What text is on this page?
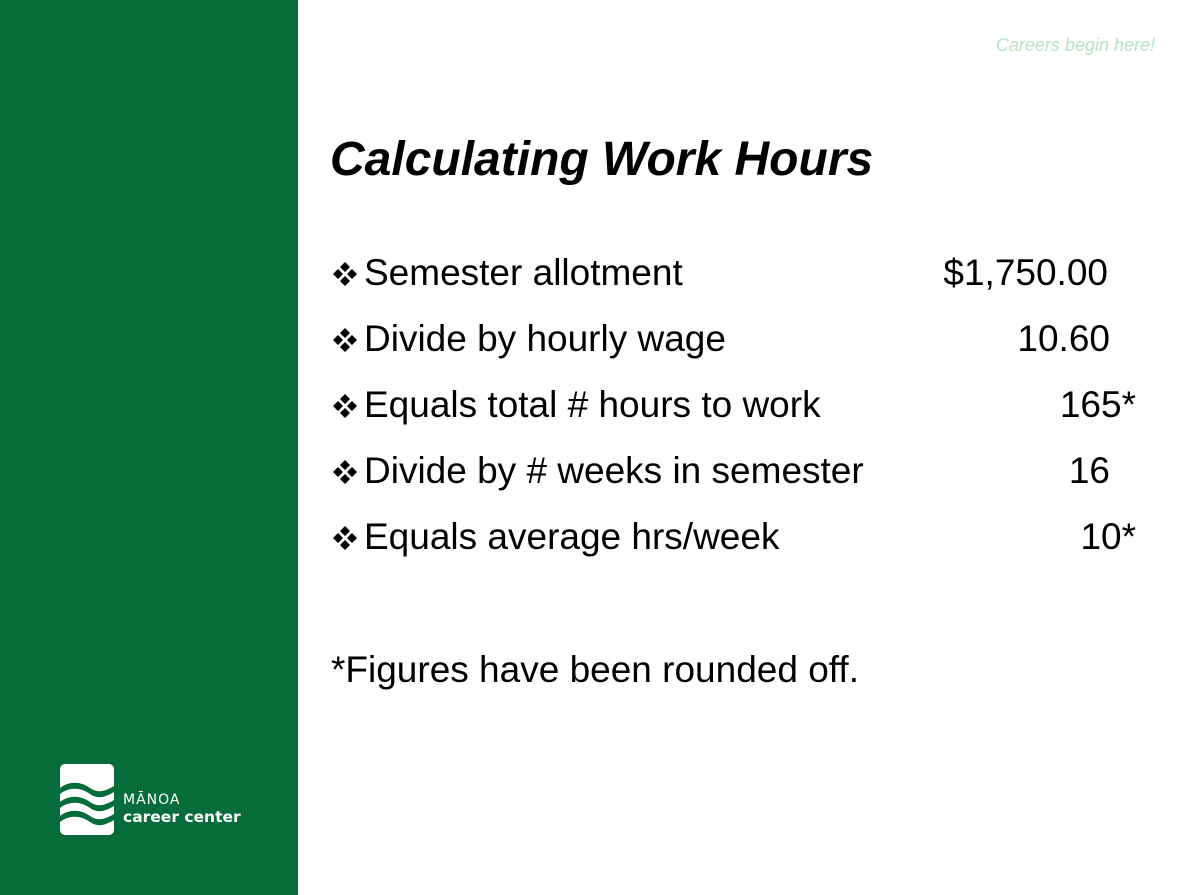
MĀNOA
career center
Careers begin here!
Calculating Work Hours
Semester allotment	$1,750.00
Divide by hourly wage	10.60
Equals total # hours to work	165*
Divide by # weeks in semester	16
Equals average hrs/week	10*

*Figures have been rounded off.
